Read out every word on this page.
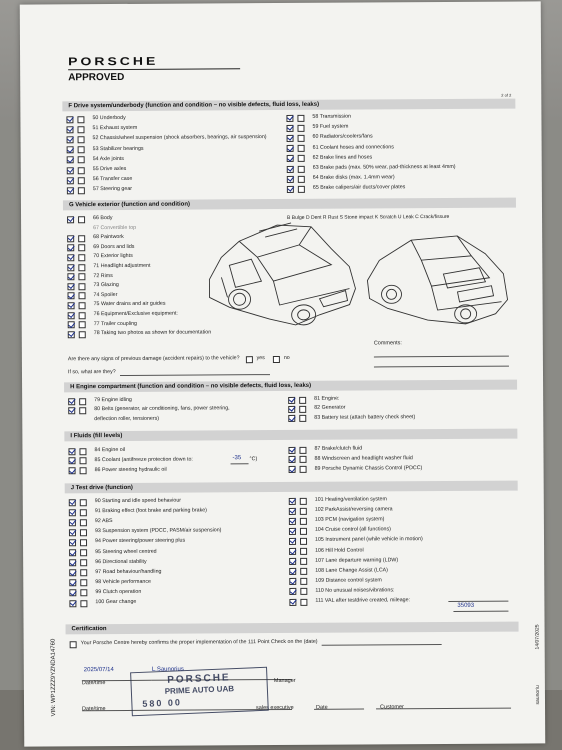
PORSCHE
APPROVED
2 of 2
F Drive system/underbody (function and condition – no visible defects, fluid loss, leaks)
50 Underbody
51 Exhaust system
52 Chassis/wheel suspension (shock absorbers, bearings, air suspension)
53 Stabilizer bearings
54 Axle joints
55 Drive axles
56 Transfer case
57 Steering gear
58 Transmission
59 Fuel system
60 Radiators/coolers/fans
61 Coolant hoses and connections
62 Brake lines and hoses
63 Brake pads (max. 50% wear, pad-thickness at least 4mm)
64 Brake disks (max. 1.4mm wear)
65 Brake calipers/air ducts/cover plates
G Vehicle exterior (function and condition)
66 Body
67 Convertible top
68 Paintwork
69 Doors and lids
70 Exterior lights
71 Headlight adjustment
72 Rims
73 Glazing
74 Spoiler
75 Water drains and air guides
76 Equipment/Exclusive equipment:
77 Trailer coupling
78 Taking two photos as shown for documentation
B Bulge D Dent R Rust S Stone impact K Scratch U Leak C Crack/fissure
Comments:
Are there any signs of previous damage (accident repairs) to the vehicle?	yes	no
If so, what are they?
H Engine compartment (function and condition – no visible defects, fluid loss, leaks)
79 Engine idling
80 Belts (generator, air conditioning, fans, power steering,
deflection roller, tensioners)
81 Engine:
82 Generator
83 Battery test (attach battery check sheet)
I Fluids (fill levels)
84 Engine oil
85 Coolant (antifreeze protection down to:
86 Power steering hydraulic oil
87 Brake/clutch fluid
88 Windscreen and headlight washer fluid
89 Porsche Dynamic Chassis Control (PDCC)
-35 °C)
J Test drive (function)
90 Starting and idle speed behaviour
91 Braking effect (foot brake and parking brake)
92 ABS
93 Suspension system (PDCC, PASM/air suspension)
94 Power steering/power steering plus
95 Steering wheel centred
96 Directional stability
97 Road behaviour/handling
98 Vehicle performance
99 Clutch operation
100 Gear change
101 Heating/ventilation system
102 ParkAssist/reversing camera
103 PCM (navigation system)
104 Cruise control (all functions)
105 Instrument panel (while vehicle in motion)
106 Hill Hold Control
107 Lane departure warning (LDW)
108 Lane Change Assist (LCA)
109 Distance control system
110 No unusual noises/vibrations:
111 VAL after testdrive created, mileage:
35093
Certification
Your Porsche Centre hereby confirms the proper implementation of the 111 Point Check on the (date)
2025/07/14	L.Saunorius
Date/time	Manager
Date/time	sales executive	Date	Customer
PORSCHE
PRIME AUTO UAB
580 00
VIN: WP1ZZZ9YZNDA14760
14/07/2025
saunoriu
